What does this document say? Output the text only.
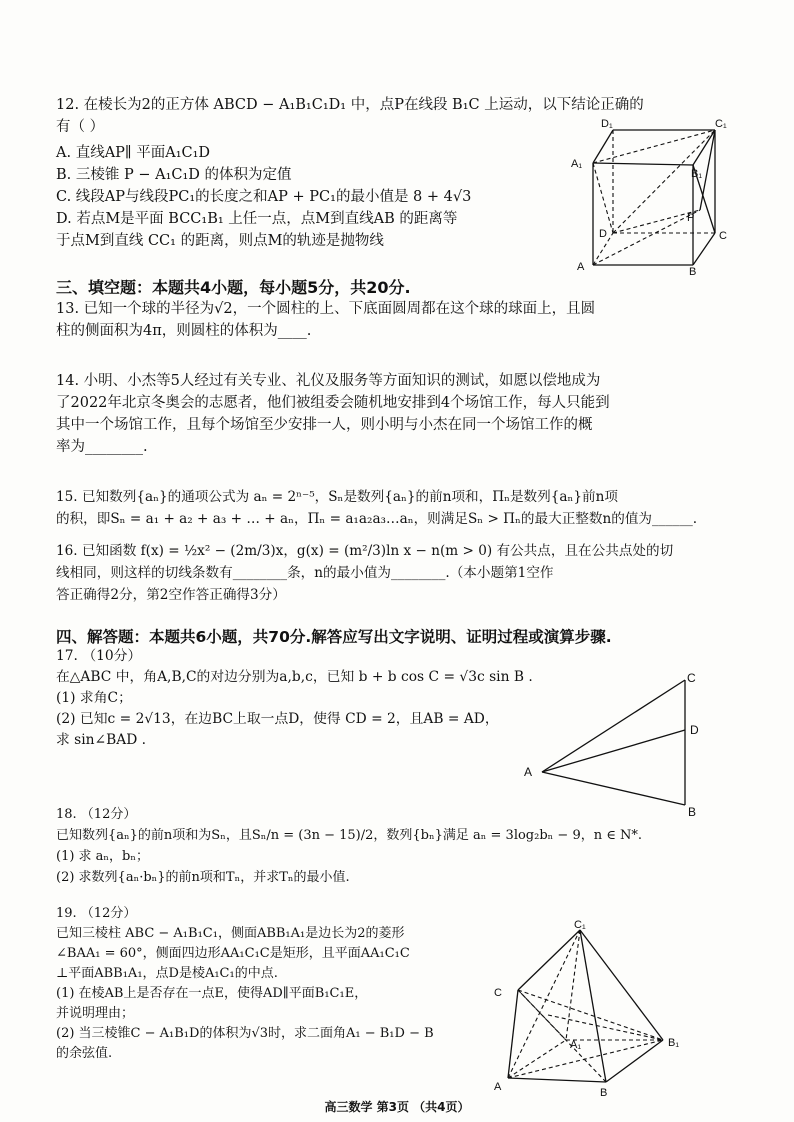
12. 在棱长为2的正方体 ABCD − A₁B₁C₁D₁ 中，点P在线段 B₁C 上运动，以下结论正确的
有（ ）
A. 直线AP∥ 平面A₁C₁D
B. 三棱锥 P − A₁C₁D 的体积为定值
C. 线段AP与线段PC₁的长度之和AP + PC₁的最小值是 8 + 4√3
D. 若点M是平面 BCC₁B₁ 上任一点，点M到直线AB 的距离等
于点M到直线 CC₁ 的距离，则点M的轨迹是抛物线
D₁	C₁
A₁
B₁
D
P
C
A	B
三、填空题：本题共4小题，每小题5分，共20分.
13. 已知一个球的半径为√2，一个圆柱的上、下底面圆周都在这个球的球面上，且圆
柱的侧面积为4π，则圆柱的体积为____.
14. 小明、小杰等5人经过有关专业、礼仪及服务等方面知识的测试，如愿以偿地成为
了2022年北京冬奥会的志愿者，他们被组委会随机地安排到4个场馆工作，每人只能到
其中一个场馆工作，且每个场馆至少安排一人，则小明与小杰在同一个场馆工作的概
率为________.
15. 已知数列{aₙ}的通项公式为 aₙ = 2ⁿ⁻⁵，Sₙ是数列{aₙ}的前n项和，Πₙ是数列{aₙ}前n项
的积，即Sₙ = a₁ + a₂ + a₃ + … + aₙ，Πₙ = a₁a₂a₃…aₙ，则满足Sₙ > Πₙ的最大正整数n的值为______.
16. 已知函数 f(x) = ½x² − (2m/3)x，g(x) = (m²/3)ln x − n(m > 0) 有公共点，且在公共点处的切
线相同，则这样的切线条数有________条，n的最小值为________.（本小题第1空作
答正确得2分，第2空作答正确得3分）
四、解答题：本题共6小题，共70分.解答应写出文字说明、证明过程或演算步骤.
17. （10分）
在△ABC 中，角A,B,C的对边分别为a,b,c，已知 b + b cos C = √3c sin B .
(1) 求角C；
(2) 已知c = 2√13，在边BC上取一点D，使得 CD = 2，且AB = AD，
求 sin∠BAD .
C
D
A
B
18. （12分）
已知数列{aₙ}的前n项和为Sₙ，且Sₙ/n = (3n − 15)/2，数列{bₙ}满足 aₙ = 3log₂bₙ − 9，n ∈ N*.
(1) 求 aₙ，bₙ；
(2) 求数列{aₙ·bₙ}的前n项和Tₙ，并求Tₙ的最小值.
19. （12分）
已知三棱柱 ABC − A₁B₁C₁，侧面ABB₁A₁是边长为2的菱形
∠BAA₁ = 60°，侧面四边形AA₁C₁C是矩形，且平面AA₁C₁C
⊥平面ABB₁A₁，点D是棱A₁C₁的中点.
(1) 在棱AB上是否存在一点E，使得AD∥平面B₁C₁E，
并说明理由；
(2) 当三棱锥C − A₁B₁D的体积为√3时，求二面角A₁ − B₁D − B
的余弦值.
C₁
C
A₁	B₁
A	B
高三数学 第3页 （共4页）
